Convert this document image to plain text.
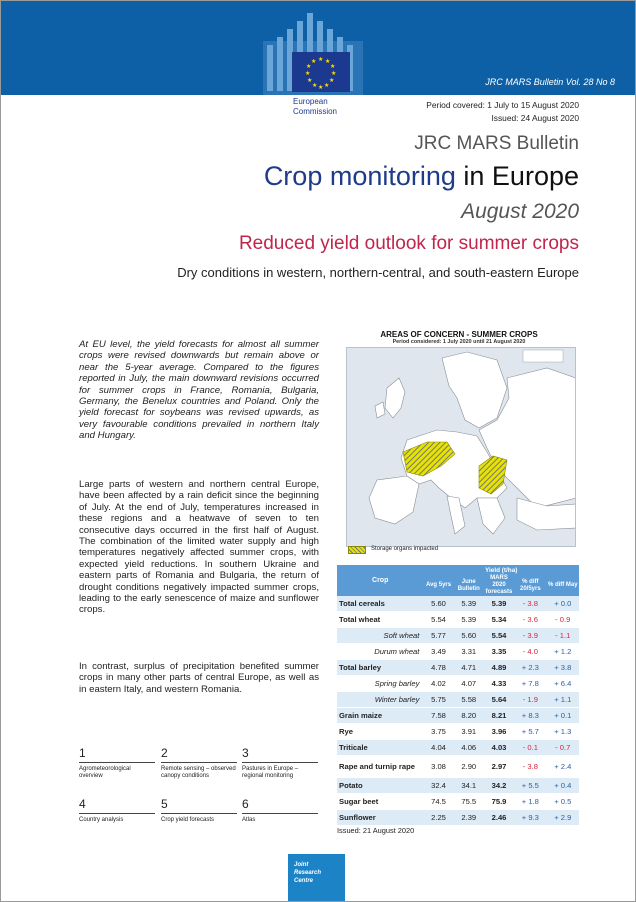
★ ★
★
★
★
★
★
★
★
★
★
★
European
Commission
JRC MARS Bulletin Vol. 28 No 8
Period covered: 1 July to 15 August 2020
Issued: 24 August 2020
JRC MARS Bulletin
Crop monitoring in Europe
August 2020
Reduced yield outlook for summer crops
Dry conditions in western, northern-central, and south-eastern Europe

At EU level, the yield forecasts for almost all summer crops were revised downwards but remain above or near the 5-year average. Compared to the figures reported in July, the main downward revisions occurred for summer crops in France, Romania, Bulgaria, Germany, the Benelux countries and Poland. Only the yield forecast for soybeans was revised upwards, as very favourable conditions prevailed in northern Italy and Hungary.

Large parts of western and northern central Europe, have been affected by a rain deficit since the beginning of July. At the end of July, temperatures increased in these regions and a heatwave of seven to ten consecutive days occurred in the first half of August. The combination of the limited water supply and high temperatures negatively affected summer crops, with expected yield reductions. In southern Ukraine and eastern parts of Romania and Bulgaria, the return of drought conditions negatively impacted summer crops, leading to the early senescence of maize and sunflower crops.

In contrast, surplus of precipitation benefited summer crops in many other parts of central Europe, as well as in eastern Italy, and western Romania.

AREAS OF CONCERN - SUMMER CROPS
Period considered: 1 July 2020 until 21 August 2020
Storage organs impacted
Crop	Yield (t/ha)				
	Avg 5yrs	June Bulletin	MARS 2020 forecasts	% diff 20/5yrs	% diff May
Total cereals	5.60	5.39	5.39	- 3.8	+ 0.0
Total wheat	5.54	5.39	5.34	- 3.6	- 0.9
Soft wheat	5.77	5.60	5.54	- 3.9	- 1.1
Durum wheat	3.49	3.31	3.35	- 4.0	+ 1.2
Total barley	4.78	4.71	4.89	+ 2.3	+ 3.8
Spring barley	4.02	4.07	4.33	+ 7.8	+ 6.4
Winter barley	5.75	5.58	5.64	- 1.9	+ 1.1
Grain maize	7.58	8.20	8.21	+ 8.3	+ 0.1
Rye	3.75	3.91	3.96	+ 5.7	+ 1.3
Triticale	4.04	4.06	4.03	- 0.1	- 0.7
Rape and turnip rape	3.08	2.90	2.97	- 3.8	+ 2.4
Potato	32.4	34.1	34.2	+ 5.5	+ 0.4
Sugar beet	74.5	75.5	75.9	+ 1.8	+ 0.5
Sunflower	2.25	2.39	2.46	+ 9.3	+ 2.9
Issued: 21 August 2020
1
Agrometeorological overview
2
Remote sensing – observed canopy conditions
3
Pastures in Europe – regional monitoring
4
Country analysis
5
Crop yield forecasts
6
Atlas
Joint
Research
Centre
